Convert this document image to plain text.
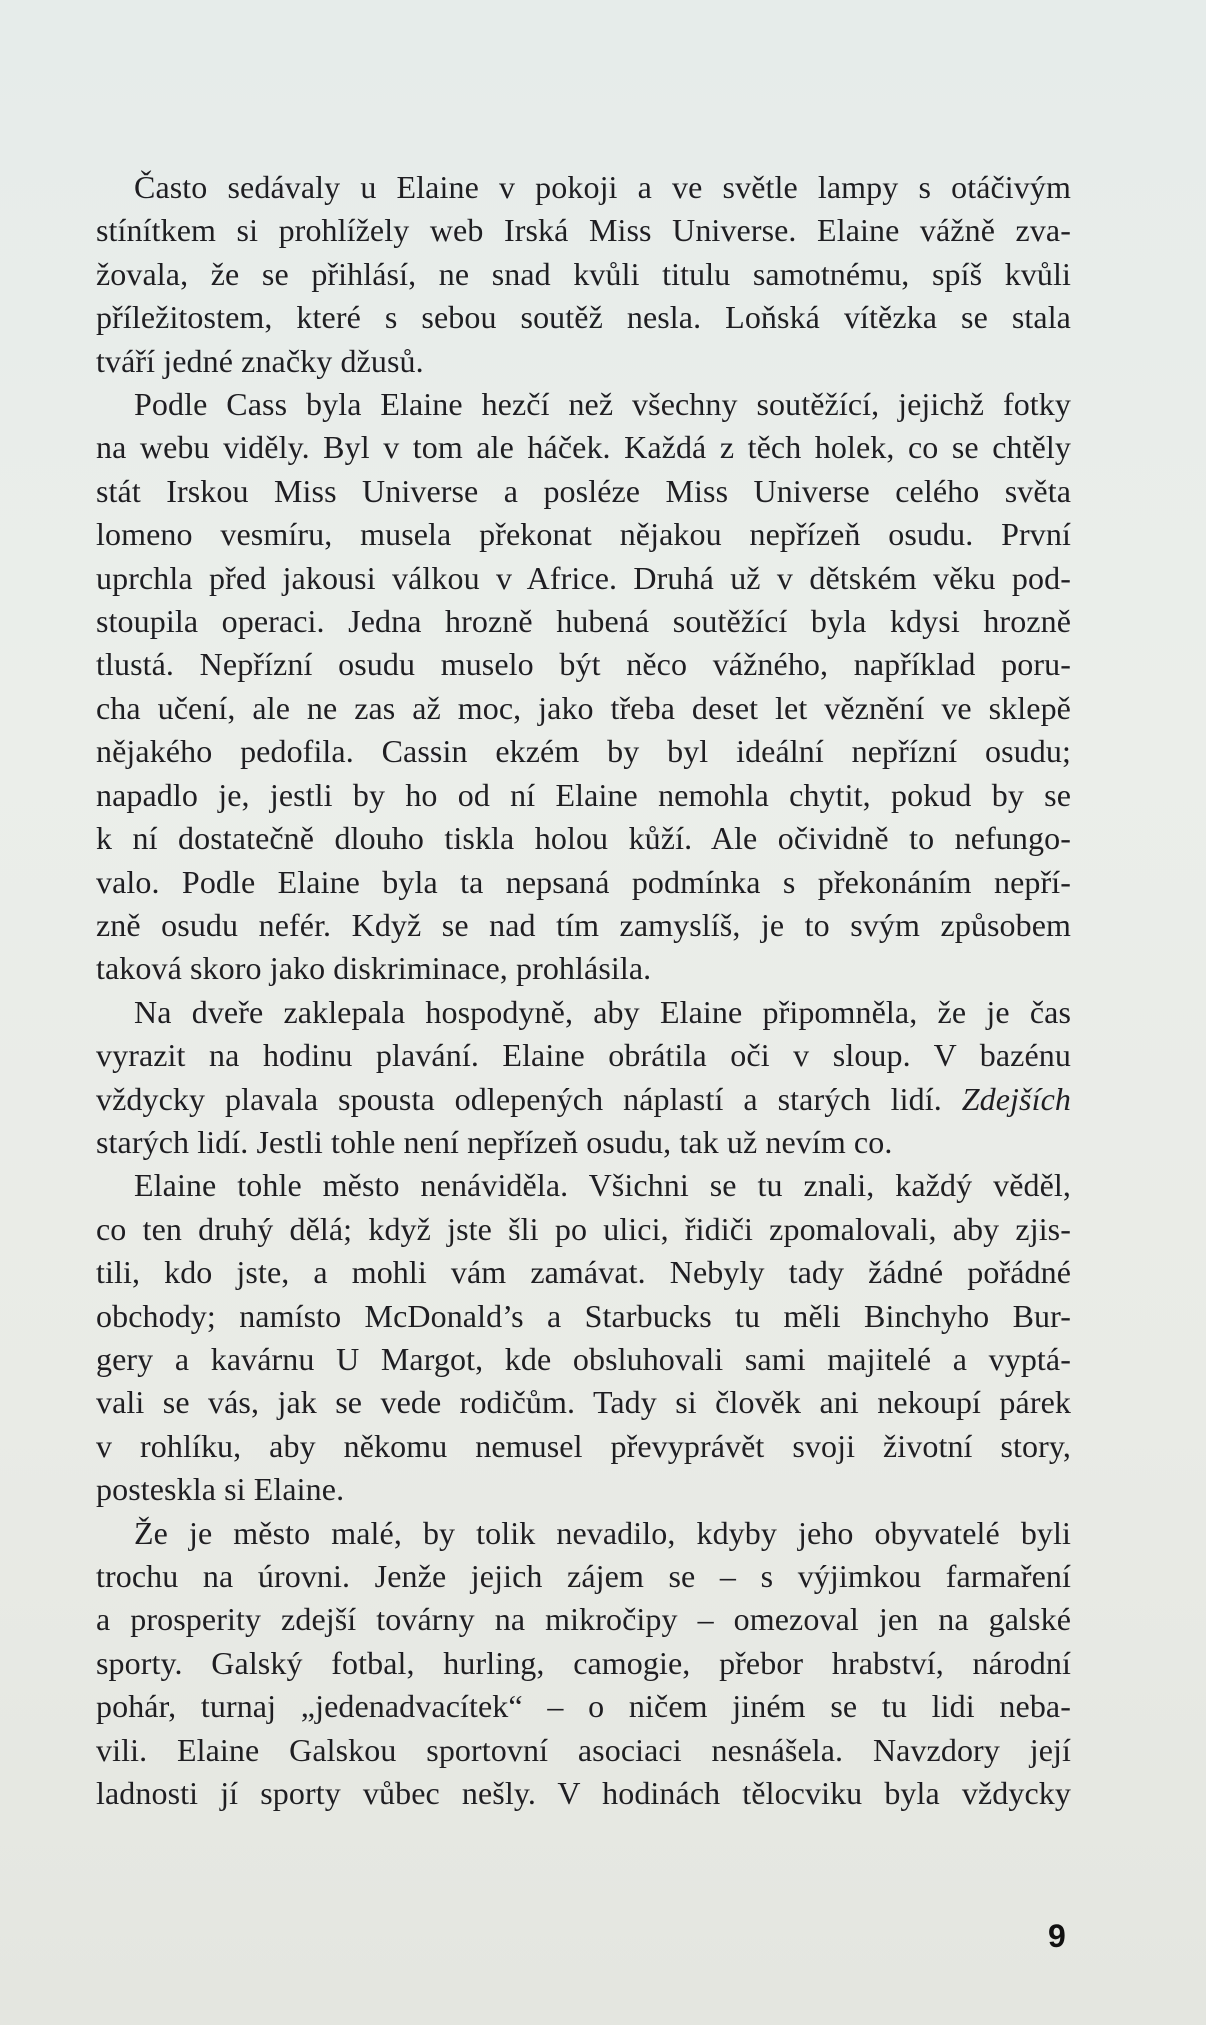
Často sedávaly u Elaine v pokoji a ve světle lampy s otáčivým
stínítkem si prohlížely web Irská Miss Universe. Elaine vážně zva-
žovala, že se přihlásí, ne snad kvůli titulu samotnému, spíš kvůli
příležitostem, které s sebou soutěž nesla. Loňská vítězka se stala
tváří jedné značky džusů.

Podle Cass byla Elaine hezčí než všechny soutěžící, jejichž fotky
na webu viděly. Byl v tom ale háček. Každá z těch holek, co se chtěly
stát Irskou Miss Universe a posléze Miss Universe celého světa
lomeno vesmíru, musela překonat nějakou nepřízeň osudu. První
uprchla před jakousi válkou v Africe. Druhá už v dětském věku pod-
stoupila operaci. Jedna hrozně hubená soutěžící byla kdysi hrozně
tlustá. Nepřízní osudu muselo být něco vážného, například poru-
cha učení, ale ne zas až moc, jako třeba deset let věznění ve sklepě
nějakého pedofila. Cassin ekzém by byl ideální nepřízní osudu;
napadlo je, jestli by ho od ní Elaine nemohla chytit, pokud by se
k ní dostatečně dlouho tiskla holou kůží. Ale očividně to nefungo-
valo. Podle Elaine byla ta nepsaná podmínka s překonáním nepří-
zně osudu nefér. Když se nad tím zamyslíš, je to svým způsobem
taková skoro jako diskriminace, prohlásila.

Na dveře zaklepala hospodyně, aby Elaine připomněla, že je čas
vyrazit na hodinu plavání. Elaine obrátila oči v sloup. V bazénu
vždycky plavala spousta odlepených náplastí a starých lidí. Zdejších
starých lidí. Jestli tohle není nepřízeň osudu, tak už nevím co.

Elaine tohle město nenáviděla. Všichni se tu znali, každý věděl,
co ten druhý dělá; když jste šli po ulici, řidiči zpomalovali, aby zjis-
tili, kdo jste, a mohli vám zamávat. Nebyly tady žádné pořádné
obchody; namísto McDonald’s a Starbucks tu měli Binchyho Bur-
gery a kavárnu U Margot, kde obsluhovali sami majitelé a vyptá-
vali se vás, jak se vede rodičům. Tady si člověk ani nekoupí párek
v rohlíku, aby někomu nemusel převyprávět svoji životní story,
posteskla si Elaine.

Že je město malé, by tolik nevadilo, kdyby jeho obyvatelé byli
trochu na úrovni. Jenže jejich zájem se – s výjimkou farmaření
a prosperity zdejší továrny na mikročipy – omezoval jen na galské
sporty. Galský fotbal, hurling, camogie, přebor hrabství, národní
pohár, turnaj „jedenadvacítek“ – o ničem jiném se tu lidi neba-
vili. Elaine Galskou sportovní asociaci nesnášela. Navzdory její
ladnosti jí sporty vůbec nešly. V hodinách tělocviku byla vždycky

9
